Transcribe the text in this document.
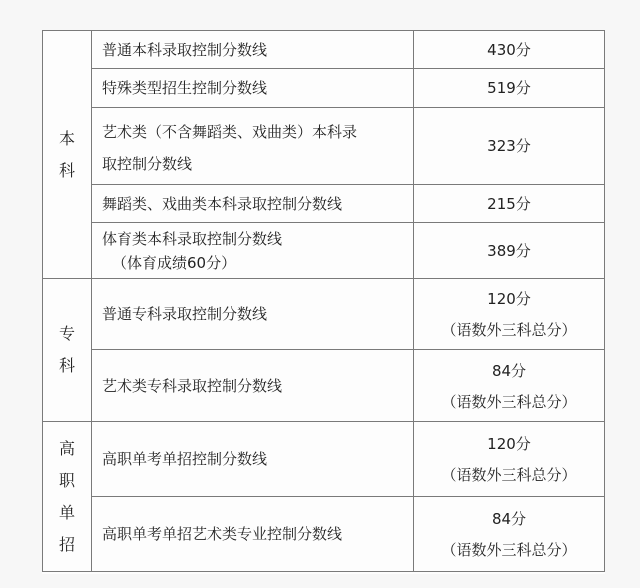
本
科	普通本科录取控制分数线	430分

	特殊类型招生控制分数线	519分

	艺术类（不含舞蹈类、戏曲类）本科录
取控制分数线	323分

	舞蹈类、戏曲类本科录取控制分数线	215分

	体育类本科录取控制分数线
（体育成绩60分）	389分

专
科	普通专科录取控制分数线	120分
（语数外三科总分）

	艺术类专科录取控制分数线	84分
（语数外三科总分）

高
职
单
招	高职单考单招控制分数线	120分
（语数外三科总分）

	高职单考单招艺术类专业控制分数线	84分
（语数外三科总分）
